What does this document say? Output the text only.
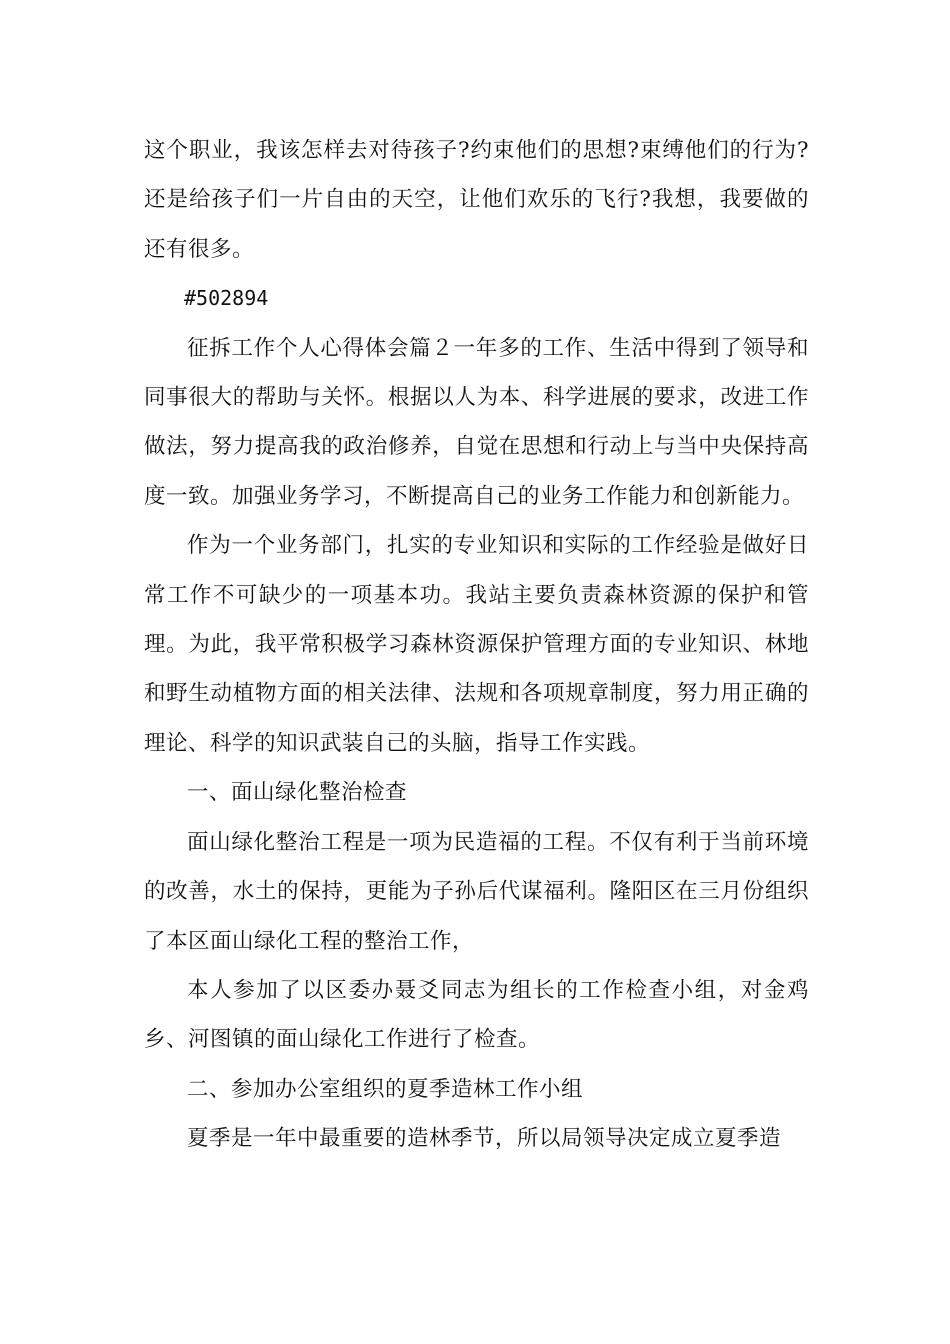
这个职业，我该怎样去对待孩子?约束他们的思想?束缚他们的行为?还是给孩子们一片自由的天空，让他们欢乐的飞行?我想，我要做的还有很多。

#502894

征拆工作个人心得体会篇２一年多的工作、生活中得到了领导和同事很大的帮助与关怀。根据以人为本、科学进展的要求，改进工作做法，努力提高我的政治修养，自觉在思想和行动上与当中央保持高度一致。加强业务学习，不断提高自己的业务工作能力和创新能力。

作为一个业务部门，扎实的专业知识和实际的工作经验是做好日常工作不可缺少的一项基本功。我站主要负责森林资源的保护和管理。为此，我平常积极学习森林资源保护管理方面的专业知识、林地和野生动植物方面的相关法律、法规和各项规章制度，努力用正确的理论、科学的知识武装自己的头脑，指导工作实践。

一、面山绿化整治检查

面山绿化整治工程是一项为民造福的工程。不仅有利于当前环境的改善，水土的保持，更能为子孙后代谋福利。隆阳区在三月份组织了本区面山绿化工程的整治工作，

本人参加了以区委办聂爻同志为组长的工作检查小组，对金鸡乡、河图镇的面山绿化工作进行了检查。

二、参加办公室组织的夏季造林工作小组

夏季是一年中最重要的造林季节，所以局领导决定成立夏季造
